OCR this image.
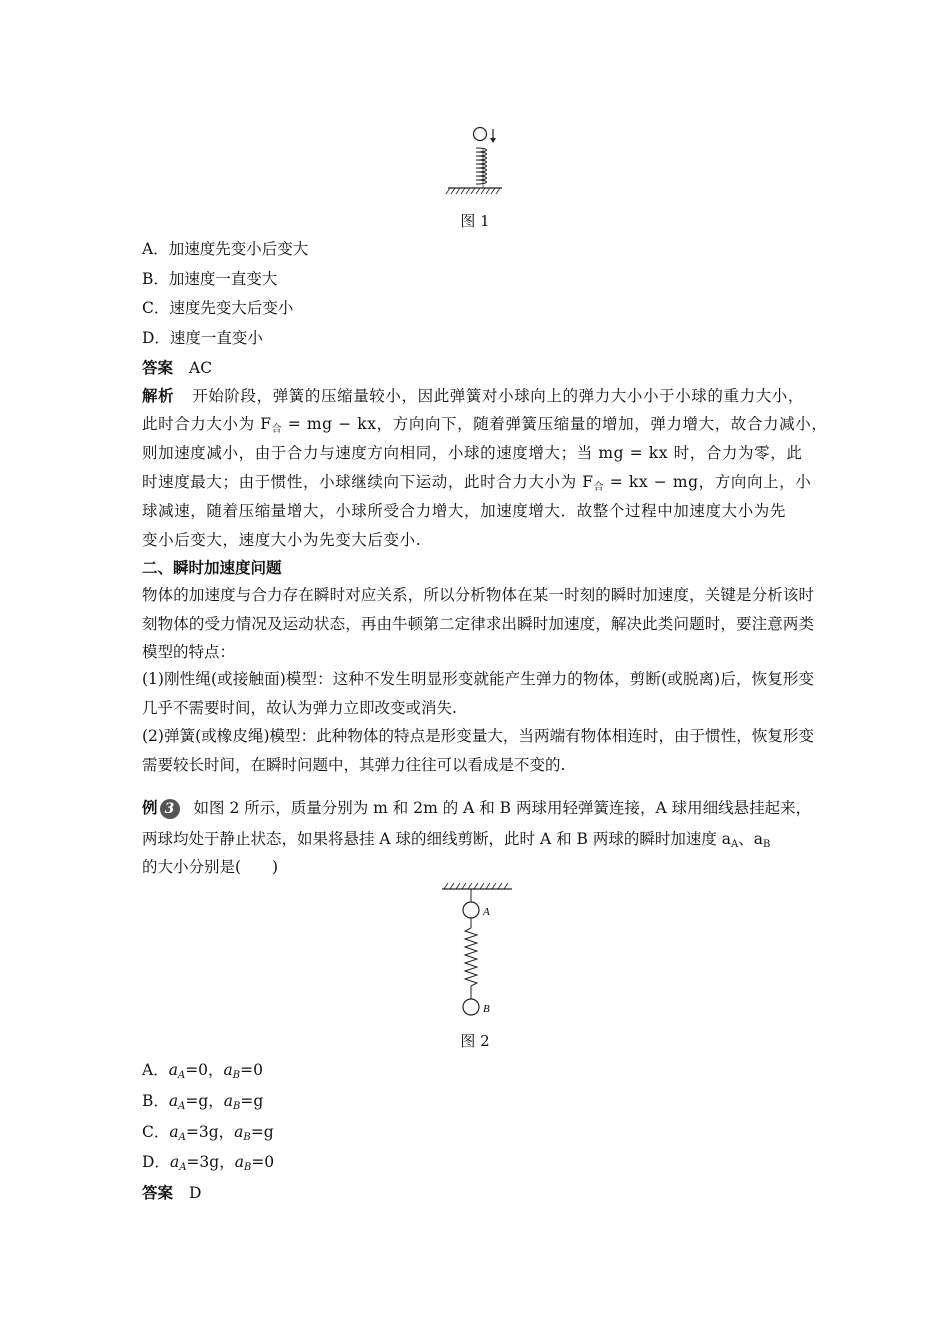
图 1
A．加速度先变小后变大
B．加速度一直变大
C．速度先变大后变小
D．速度一直变小
答案 AC
解析 开始阶段，弹簧的压缩量较小，因此弹簧对小球向上的弹力大小小于小球的重力大小，
此时合力大小为 $F_合$ = mg − kx，方向向下，随着弹簧压缩量的增加，弹力增大，故合力减小，
则加速度减小，由于合力与速度方向相同，小球的速度增大；当 mg = kx 时，合力为零，此
时速度最大；由于惯性，小球继续向下运动，此时合力大小为 $F_合$ = kx − mg，方向向上，小
球减速，随着压缩量增大，小球所受合力增大，加速度增大．故整个过程中加速度大小为先
变小后变大，速度大小为先变大后变小.
二、瞬时加速度问题
物体的加速度与合力存在瞬时对应关系，所以分析物体在某一时刻的瞬时加速度，关键是分析该时刻物体的受力情况及运动状态，再由牛顿第二定律求出瞬时加速度，解决此类问题时，要注意两类模型的特点：
(1)刚性绳(或接触面)模型：这种不发生明显形变就能产生弹力的物体，剪断(或脱离)后，恢复形变几乎不需要时间，故认为弹力立即改变或消失.
(2)弹簧(或橡皮绳)模型：此种物体的特点是形变量大，当两端有物体相连时，由于惯性，恢复形变需要较长时间，在瞬时问题中，其弹力往往可以看成是不变的.
例 3 如图 2 所示，质量分别为 m 和 2m 的 A 和 B 两球用轻弹簧连接，A 球用细线悬挂起来，
两球均处于静止状态，如果将悬挂 A 球的细线剪断，此时 A 和 B 两球的瞬时加速度 $a_A$、$a_B$
的大小分别是(　　)
A
B
图 2
A．$a_A=0$，$a_B=0$
B．$a_A=g$，$a_B=g$
C．$a_A=3g$，$a_B=g$
D．$a_A=3g$，$a_B=0$
答案 D
